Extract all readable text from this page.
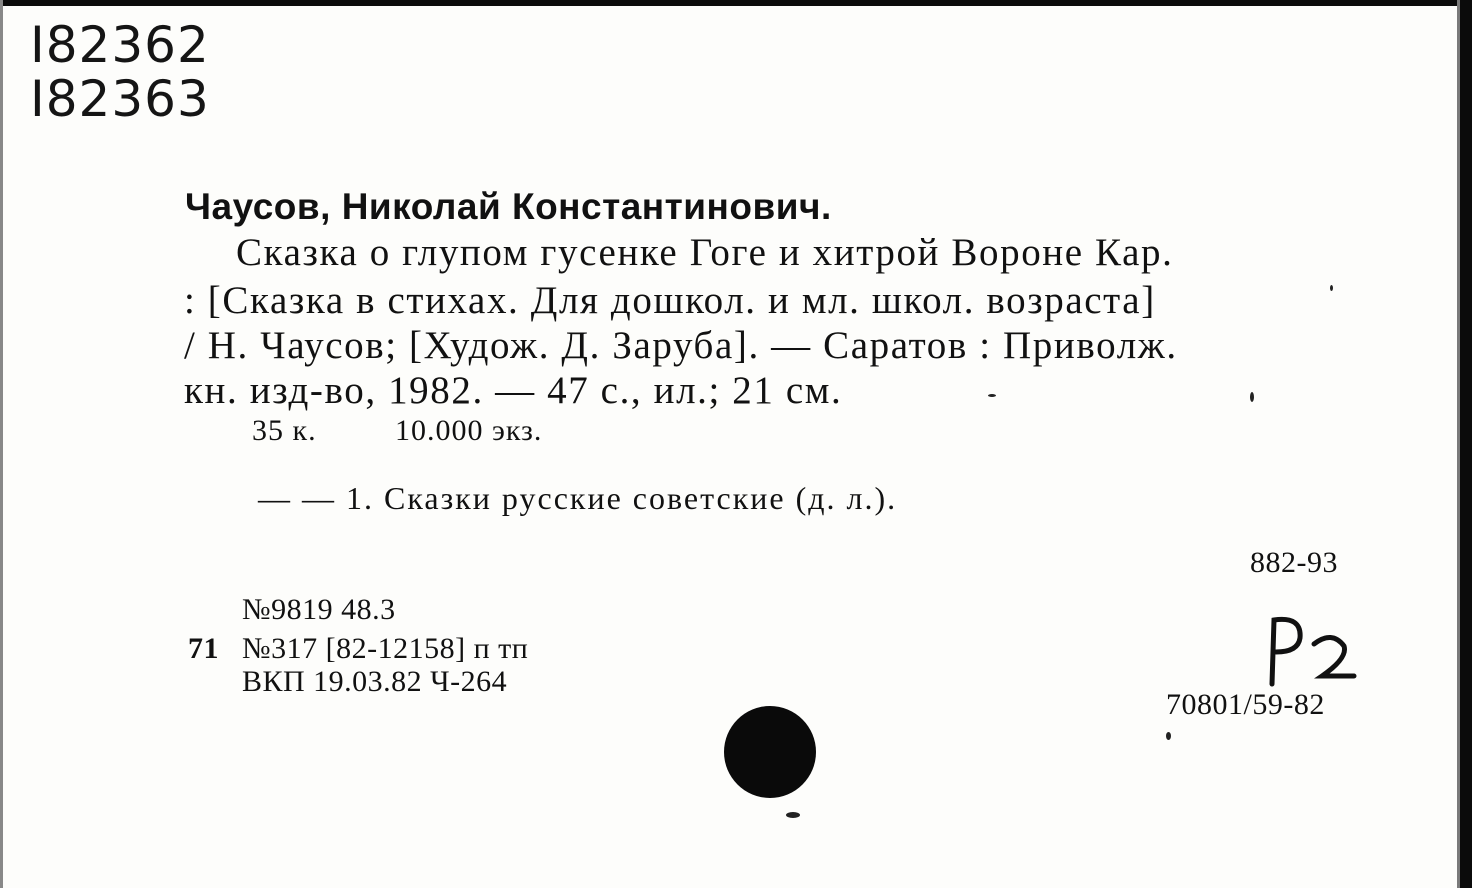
I82362
I82363
Чаусов, Николай Константинович.
Сказка о глупом гусенке Гоге и хитрой Вороне Кар.
: [Сказка в стихах. Для дошкол. и мл. школ. возраста]
/ Н. Чаусов; [Худож. Д. Заруба]. — Саратов : Приволж.
кн. изд-во, 1982. — 47 с., ил.; 21 см.
35 к.	10.000 экз.
— — 1. Сказки русские советские (д. л.).
882-93
71
№9819 48.3
№317 [82-12158] п тп
ВКП 19.03.82 Ч-264
70801/59-82
